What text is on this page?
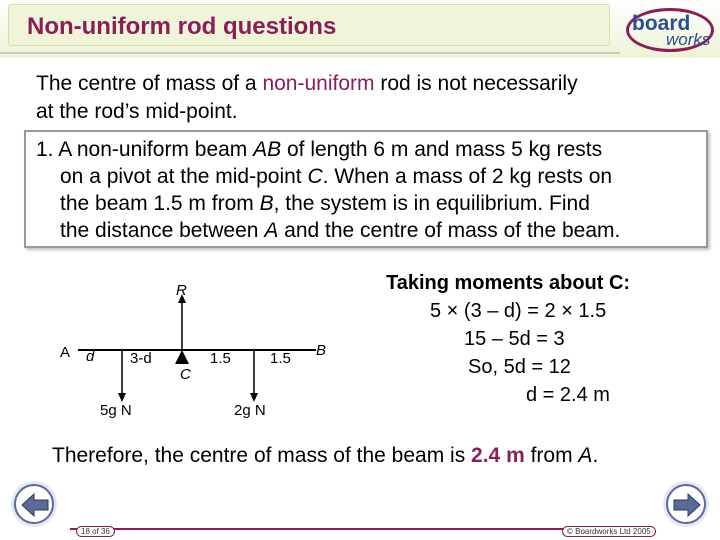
Non-uniform rod questions	board
works
The centre of mass of a non-uniform rod is not necessarily
at the rod’s mid-point.
1. A non-uniform beam AB of length 6 m and mass 5 kg rests
on a pivot at the mid-point C. When a mass of 2 kg rests on
the beam 1.5 m from B, the system is in equilibrium. Find
the distance between A and the centre of mass of the beam.
R
A d 3-d
C
1.5	1.5 B
5g N	2g N
Taking moments about C:
5 × (3 – d) = 2 × 1.5
15 – 5d = 3
So, 5d = 12
d = 2.4 m
Therefore, the centre of mass of the beam is 2.4 m from A.
18 of 36	© Boardworks Ltd 2005
